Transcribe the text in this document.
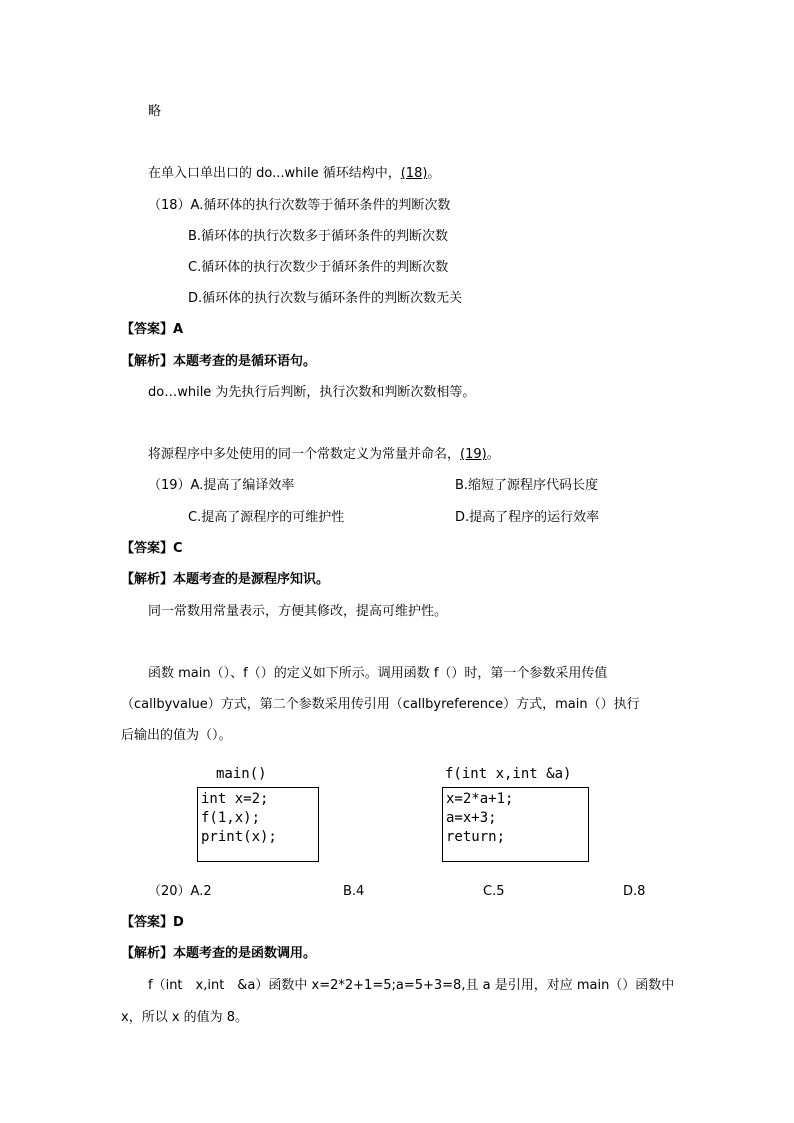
略
在单入口单出口的 do...while 循环结构中，(18)。
（18）A.循环体的执行次数等于循环条件的判断次数
B.循环体的执行次数多于循环条件的判断次数
C.循环体的执行次数少于循环条件的判断次数
D.循环体的执行次数与循环条件的判断次数无关
【答案】A
【解析】本题考查的是循环语句。
do…while 为先执行后判断，执行次数和判断次数相等。
将源程序中多处使用的同一个常数定义为常量并命名，(19)。
（19）A.提高了编译效率	B.缩短了源程序代码长度
C.提高了源程序的可维护性	D.提高了程序的运行效率
【答案】C
【解析】本题考查的是源程序知识。
同一常数用常量表示，方便其修改，提高可维护性。
函数 main（）、f（）的定义如下所示。调用函数 f（）时，第一个参数采用传值
（callbyvalue）方式，第二个参数采用传引用（callbyreference）方式，main（）执行
后输出的值为（）。
main()
int x=2;
f(1,x);
print(x);
f(int x,int &a)
x=2*a+1;
a=x+3;
return;
（20）A.2	B.4	C.5	D.8
【答案】D
【解析】本题考查的是函数调用。
f（int　x,int　&a）函数中 x=2*2+1=5;a=5+3=8,且 a 是引用，对应 main（）函数中
x，所以 x 的值为 8。
